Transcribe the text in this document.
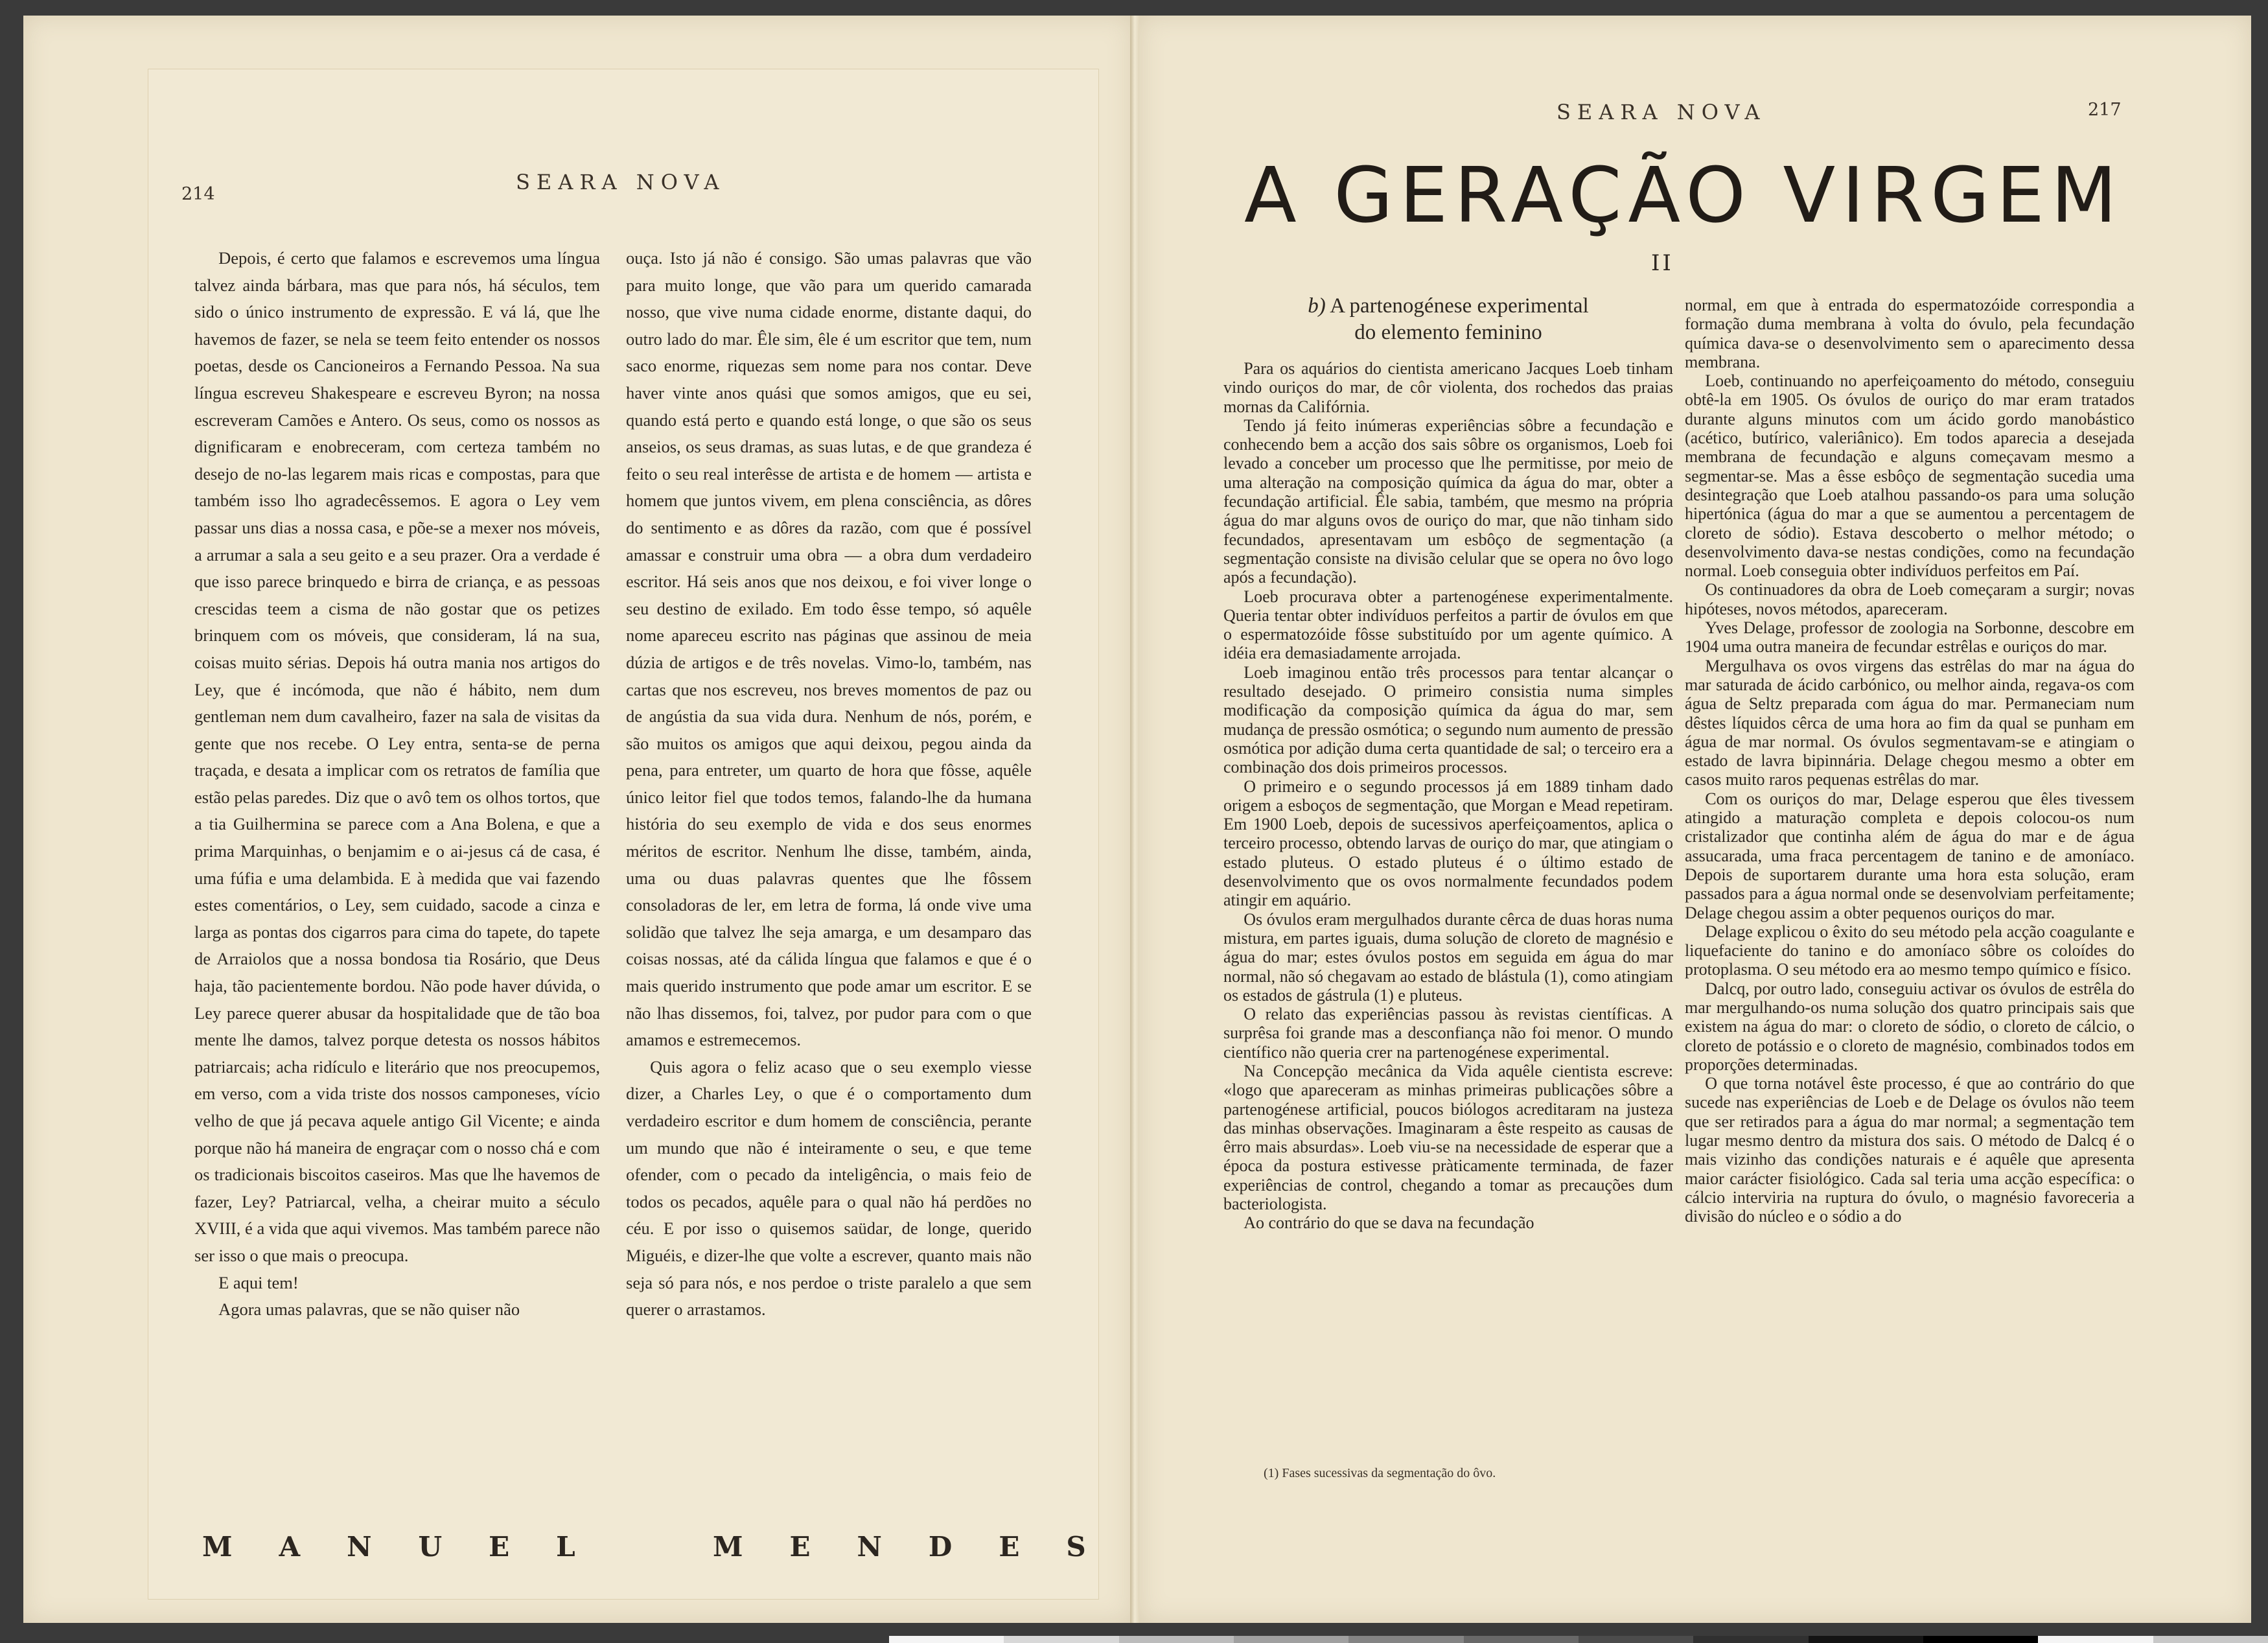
214	SEARA NOVA

Depois, é certo que falamos e escrevemos uma língua talvez ainda bárbara, mas que para nós, há séculos, tem sido o único instrumento de expressão. E vá lá, que lhe havemos de fazer, se nela se teem feito entender os nossos poetas, desde os Cancioneiros a Fernando Pessoa. Na sua língua escreveu Shakespeare e escreveu Byron; na nossa escreveram Camões e Antero. Os seus, como os nossos as dignificaram e enobreceram, com certeza também no desejo de no-las legarem mais ricas e compostas, para que também isso lho agradecêssemos. E agora o Ley vem passar uns dias a nossa casa, e põe-se a mexer nos móveis, a arrumar a sala a seu geito e a seu prazer. Ora a verdade é que isso parece brinquedo e birra de criança, e as pessoas crescidas teem a cisma de não gostar que os petizes brinquem com os móveis, que consideram, lá na sua, coisas muito sérias. Depois há outra mania nos artigos do Ley, que é incómoda, que não é hábito, nem dum gentleman nem dum cavalheiro, fazer na sala de visitas da gente que nos recebe. O Ley entra, senta-se de perna traçada, e desata a implicar com os retratos de família que estão pelas paredes. Diz que o avô tem os olhos tortos, que a tia Guilhermina se parece com a Ana Bolena, e que a prima Marquinhas, o benjamim e o ai-jesus cá de casa, é uma fúfia e uma delambida. E à medida que vai fazendo estes comentários, o Ley, sem cuidado, sacode a cinza e larga as pontas dos cigarros para cima do tapete, do tapete de Arraiolos que a nossa bondosa tia Rosário, que Deus haja, tão pacientemente bordou. Não pode haver dúvida, o Ley parece querer abusar da hospitalidade que de tão boa mente lhe damos, talvez porque detesta os nossos hábitos patriarcais; acha ridículo e literário que nos preocupemos, em verso, com a vida triste dos nossos camponeses, vício velho de que já pecava aquele antigo Gil Vicente; e ainda porque não há maneira de engraçar com o nosso chá e com os tradicionais biscoitos caseiros. Mas que lhe havemos de fazer, Ley? Patriarcal, velha, a cheirar muito a século XVIII, é a vida que aqui vivemos. Mas também parece não ser isso o que mais o preocupa.

E aqui tem!

Agora umas palavras, que se não quiser não

ouça. Isto já não é consigo. São umas palavras que vão para muito longe, que vão para um querido camarada nosso, que vive numa cidade enorme, distante daqui, do outro lado do mar. Êle sim, êle é um escritor que tem, num saco enorme, riquezas sem nome para nos contar. Deve haver vinte anos quási que somos amigos, que eu sei, quando está perto e quando está longe, o que são os seus anseios, os seus dramas, as suas lutas, e de que grandeza é feito o seu real interêsse de artista e de homem — artista e homem que juntos vivem, em plena consciência, as dôres do sentimento e as dôres da razão, com que é possível amassar e construir uma obra — a obra dum verdadeiro escritor. Há seis anos que nos deixou, e foi viver longe o seu destino de exilado. Em todo êsse tempo, só aquêle nome apareceu escrito nas páginas que assinou de meia dúzia de artigos e de três novelas. Vimo-lo, também, nas cartas que nos escreveu, nos breves momentos de paz ou de angústia da sua vida dura. Nenhum de nós, porém, e são muitos os amigos que aqui deixou, pegou ainda da pena, para entreter, um quarto de hora que fôsse, aquêle único leitor fiel que todos temos, falando-lhe da humana história do seu exemplo de vida e dos seus enormes méritos de escritor. Nenhum lhe disse, também, ainda, uma ou duas palavras quentes que lhe fôssem consoladoras de ler, em letra de forma, lá onde vive uma solidão que talvez lhe seja amarga, e um desamparo das coisas nossas, até da cálida língua que falamos e que é o mais querido instrumento que pode amar um escritor. E se não lhas dissemos, foi, talvez, por pudor para com o que amamos e estremecemos.

Quis agora o feliz acaso que o seu exemplo viesse dizer, a Charles Ley, o que é o comportamento dum verdadeiro escritor e dum homem de consciência, perante um mundo que não é inteiramente o seu, e que teme ofender, com o pecado da inteligência, o mais feio de todos os pecados, aquêle para o qual não há perdões no céu. E por isso o quisemos saüdar, de longe, querido Miguéis, e dizer-lhe que volte a escrever, quanto mais não seja só para nós, e nos perdoe o triste paralelo a que sem querer o arrastamos.

MANUEL	MENDES
SEARA NOVA	217
A GERAÇÃO VIRGEM
II
b) A partenogénese experimental
do elemento feminino

Para os aquários do cientista americano Jacques Loeb tinham vindo ouriços do mar, de côr violenta, dos rochedos das praias mornas da Califórnia.

Tendo já feito inúmeras experiências sôbre a fecundação e conhecendo bem a acção dos sais sôbre os organismos, Loeb foi levado a conceber um processo que lhe permitisse, por meio de uma alteração na composição química da água do mar, obter a fecundação artificial. Êle sabia, também, que mesmo na própria água do mar alguns ovos de ouriço do mar, que não tinham sido fecundados, apresentavam um esbôço de segmentação (a segmentação consiste na divisão celular que se opera no ôvo logo após a fecundação).

Loeb procurava obter a partenogénese experimentalmente. Queria tentar obter indivíduos perfeitos a partir de óvulos em que o espermatozóide fôsse substituído por um agente químico. A idéia era demasiadamente arrojada.

Loeb imaginou então três processos para tentar alcançar o resultado desejado. O primeiro consistia numa simples modificação da composição química da água do mar, sem mudança de pressão osmótica; o segundo num aumento de pressão osmótica por adição duma certa quantidade de sal; o terceiro era a combinação dos dois primeiros processos.

O primeiro e o segundo processos já em 1889 tinham dado origem a esboços de segmentação, que Morgan e Mead repetiram. Em 1900 Loeb, depois de sucessivos aperfeiçoamentos, aplica o terceiro processo, obtendo larvas de ouriço do mar, que atingiam o estado pluteus. O estado pluteus é o último estado de desenvolvimento que os ovos normalmente fecundados podem atingir em aquário.

Os óvulos eram mergulhados durante cêrca de duas horas numa mistura, em partes iguais, duma solução de cloreto de magnésio e água do mar; estes óvulos postos em seguida em água do mar normal, não só chegavam ao estado de blástula (1), como atingiam os estados de gástrula (1) e pluteus.

O relato das experiências passou às revistas científicas. A surprêsa foi grande mas a desconfiança não foi menor. O mundo científico não queria crer na partenogénese experimental.

Na Concepção mecânica da Vida aquêle cientista escreve: «logo que apareceram as minhas primeiras publicações sôbre a partenogénese artificial, poucos biólogos acreditaram na justeza das minhas observações. Imaginaram a êste respeito as causas de êrro mais absurdas». Loeb viu-se na necessidade de esperar que a época da postura estivesse pràticamente terminada, de fazer experiências de control, chegando a tomar as precauções dum bacteriologista.

Ao contrário do que se dava na fecundação

normal, em que à entrada do espermatozóide correspondia a formação duma membrana à volta do óvulo, pela fecundação química dava-se o desenvolvimento sem o aparecimento dessa membrana.

Loeb, continuando no aperfeiçoamento do método, conseguiu obtê-la em 1905. Os óvulos de ouriço do mar eram tratados durante alguns minutos com um ácido gordo manobástico (acético, butírico, valeriânico). Em todos aparecia a desejada membrana de fecundação e alguns começavam mesmo a segmentar-se. Mas a êsse esbôço de segmentação sucedia uma desintegração que Loeb atalhou passando-os para uma solução hipertónica (água do mar a que se aumentou a percentagem de cloreto de sódio). Estava descoberto o melhor método; o desenvolvimento dava-se nestas condições, como na fecundação normal. Loeb conseguia obter indivíduos perfeitos em Paí.

Os continuadores da obra de Loeb começaram a surgir; novas hipóteses, novos métodos, apareceram.

Yves Delage, professor de zoologia na Sorbonne, descobre em 1904 uma outra maneira de fecundar estrêlas e ouriços do mar.

Mergulhava os ovos virgens das estrêlas do mar na água do mar saturada de ácido carbónico, ou melhor ainda, regava-os com água de Seltz preparada com água do mar. Permaneciam num dêstes líquidos cêrca de uma hora ao fim da qual se punham em água de mar normal. Os óvulos segmentavam-se e atingiam o estado de lavra bipinnária. Delage chegou mesmo a obter em casos muito raros pequenas estrêlas do mar.

Com os ouriços do mar, Delage esperou que êles tivessem atingido a maturação completa e depois colocou-os num cristalizador que continha além de água do mar e de água assucarada, uma fraca percentagem de tanino e de amoníaco. Depois de suportarem durante uma hora esta solução, eram passados para a água normal onde se desenvolviam perfeitamente; Delage chegou assim a obter pequenos ouriços do mar.

Delage explicou o êxito do seu método pela acção coagulante e liquefaciente do tanino e do amoníaco sôbre os coloídes do protoplasma. O seu método era ao mesmo tempo químico e físico.

Dalcq, por outro lado, conseguiu activar os óvulos de estrêla do mar mergulhando-os numa solução dos quatro principais sais que existem na água do mar: o cloreto de sódio, o cloreto de cálcio, o cloreto de potássio e o cloreto de magnésio, combinados todos em proporções determinadas.

O que torna notável êste processo, é que ao contrário do que sucede nas experiências de Loeb e de Delage os óvulos não teem que ser retirados para a água do mar normal; a segmentação tem lugar mesmo dentro da mistura dos sais. O método de Dalcq é o mais vizinho das condições naturais e é aquêle que apresenta maior carácter fisiológico. Cada sal teria uma acção específica: o cálcio interviria na ruptura do óvulo, o magnésio favoreceria a divisão do núcleo e o sódio a do

(1) Fases sucessivas da segmentação do ôvo.
